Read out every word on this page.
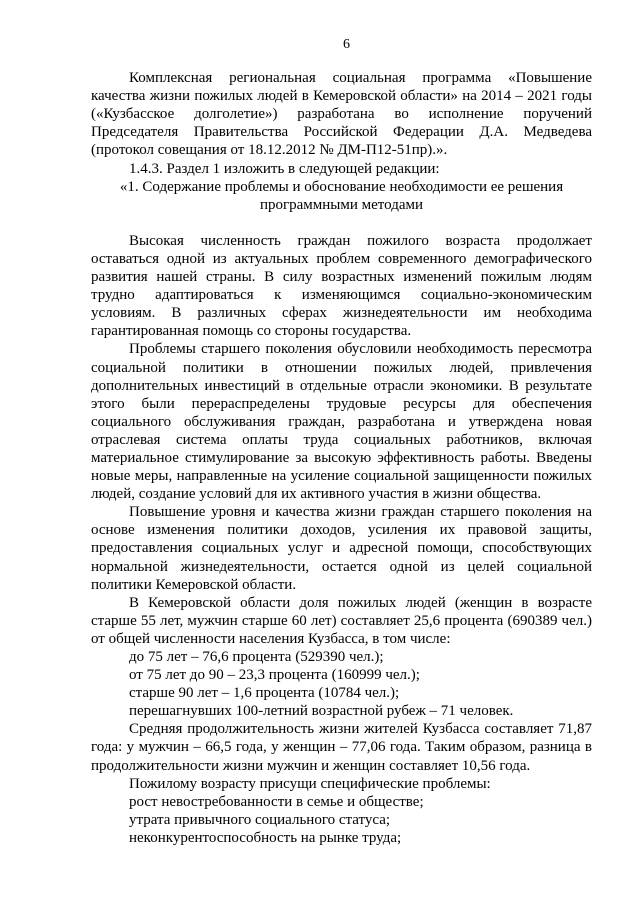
6

Комплексная региональная социальная программа «Повышение качества жизни пожилых людей в Кемеровской области» на 2014 – 2021 годы («Кузбасское долголетие») разработана во исполнение поручений Председателя Правительства Российской Федерации Д.А. Медведева (протокол совещания от 18.12.2012 № ДМ-П12-51пр).».

1.4.3. Раздел 1 изложить в следующей редакции:

«1. Содержание проблемы и обоснование необходимости ее решения программными методами

Высокая численность граждан пожилого возраста продолжает оставаться одной из актуальных проблем современного демографического развития нашей страны. В силу возрастных изменений пожилым людям трудно адаптироваться к изменяющимся социально-экономическим условиям. В различных сферах жизнедеятельности им необходима гарантированная помощь со стороны государства.

Проблемы старшего поколения обусловили необходимость пересмотра социальной политики в отношении пожилых людей, привлечения дополнительных инвестиций в отдельные отрасли экономики. В результате этого были перераспределены трудовые ресурсы для обеспечения социального обслуживания граждан, разработана и утверждена новая отраслевая система оплаты труда социальных работников, включая материальное стимулирование за высокую эффективность работы. Введены новые меры, направленные на усиление социальной защищенности пожилых людей, создание условий для их активного участия в жизни общества.

Повышение уровня и качества жизни граждан старшего поколения на основе изменения политики доходов, усиления их правовой защиты, предоставления социальных услуг и адресной помощи, способствующих нормальной жизнедеятельности, остается одной из целей социальной политики Кемеровской области.

В Кемеровской области доля пожилых людей (женщин в возрасте старше 55 лет, мужчин старше 60 лет) составляет 25,6 процента (690389 чел.) от общей численности населения Кузбасса, в том числе:

до 75 лет – 76,6 процента (529390 чел.);

от 75 лет до 90 – 23,3 процента (160999 чел.);

старше 90 лет – 1,6 процента (10784 чел.);

перешагнувших 100-летний возрастной рубеж – 71 человек.

Средняя продолжительность жизни жителей Кузбасса составляет 71,87 года: у мужчин – 66,5 года, у женщин – 77,06 года. Таким образом, разница в продолжительности жизни мужчин и женщин составляет 10,56 года.

Пожилому возрасту присущи специфические проблемы:

рост невостребованности в семье и обществе;

утрата привычного социального статуса;

неконкурентоспособность на рынке труда;
